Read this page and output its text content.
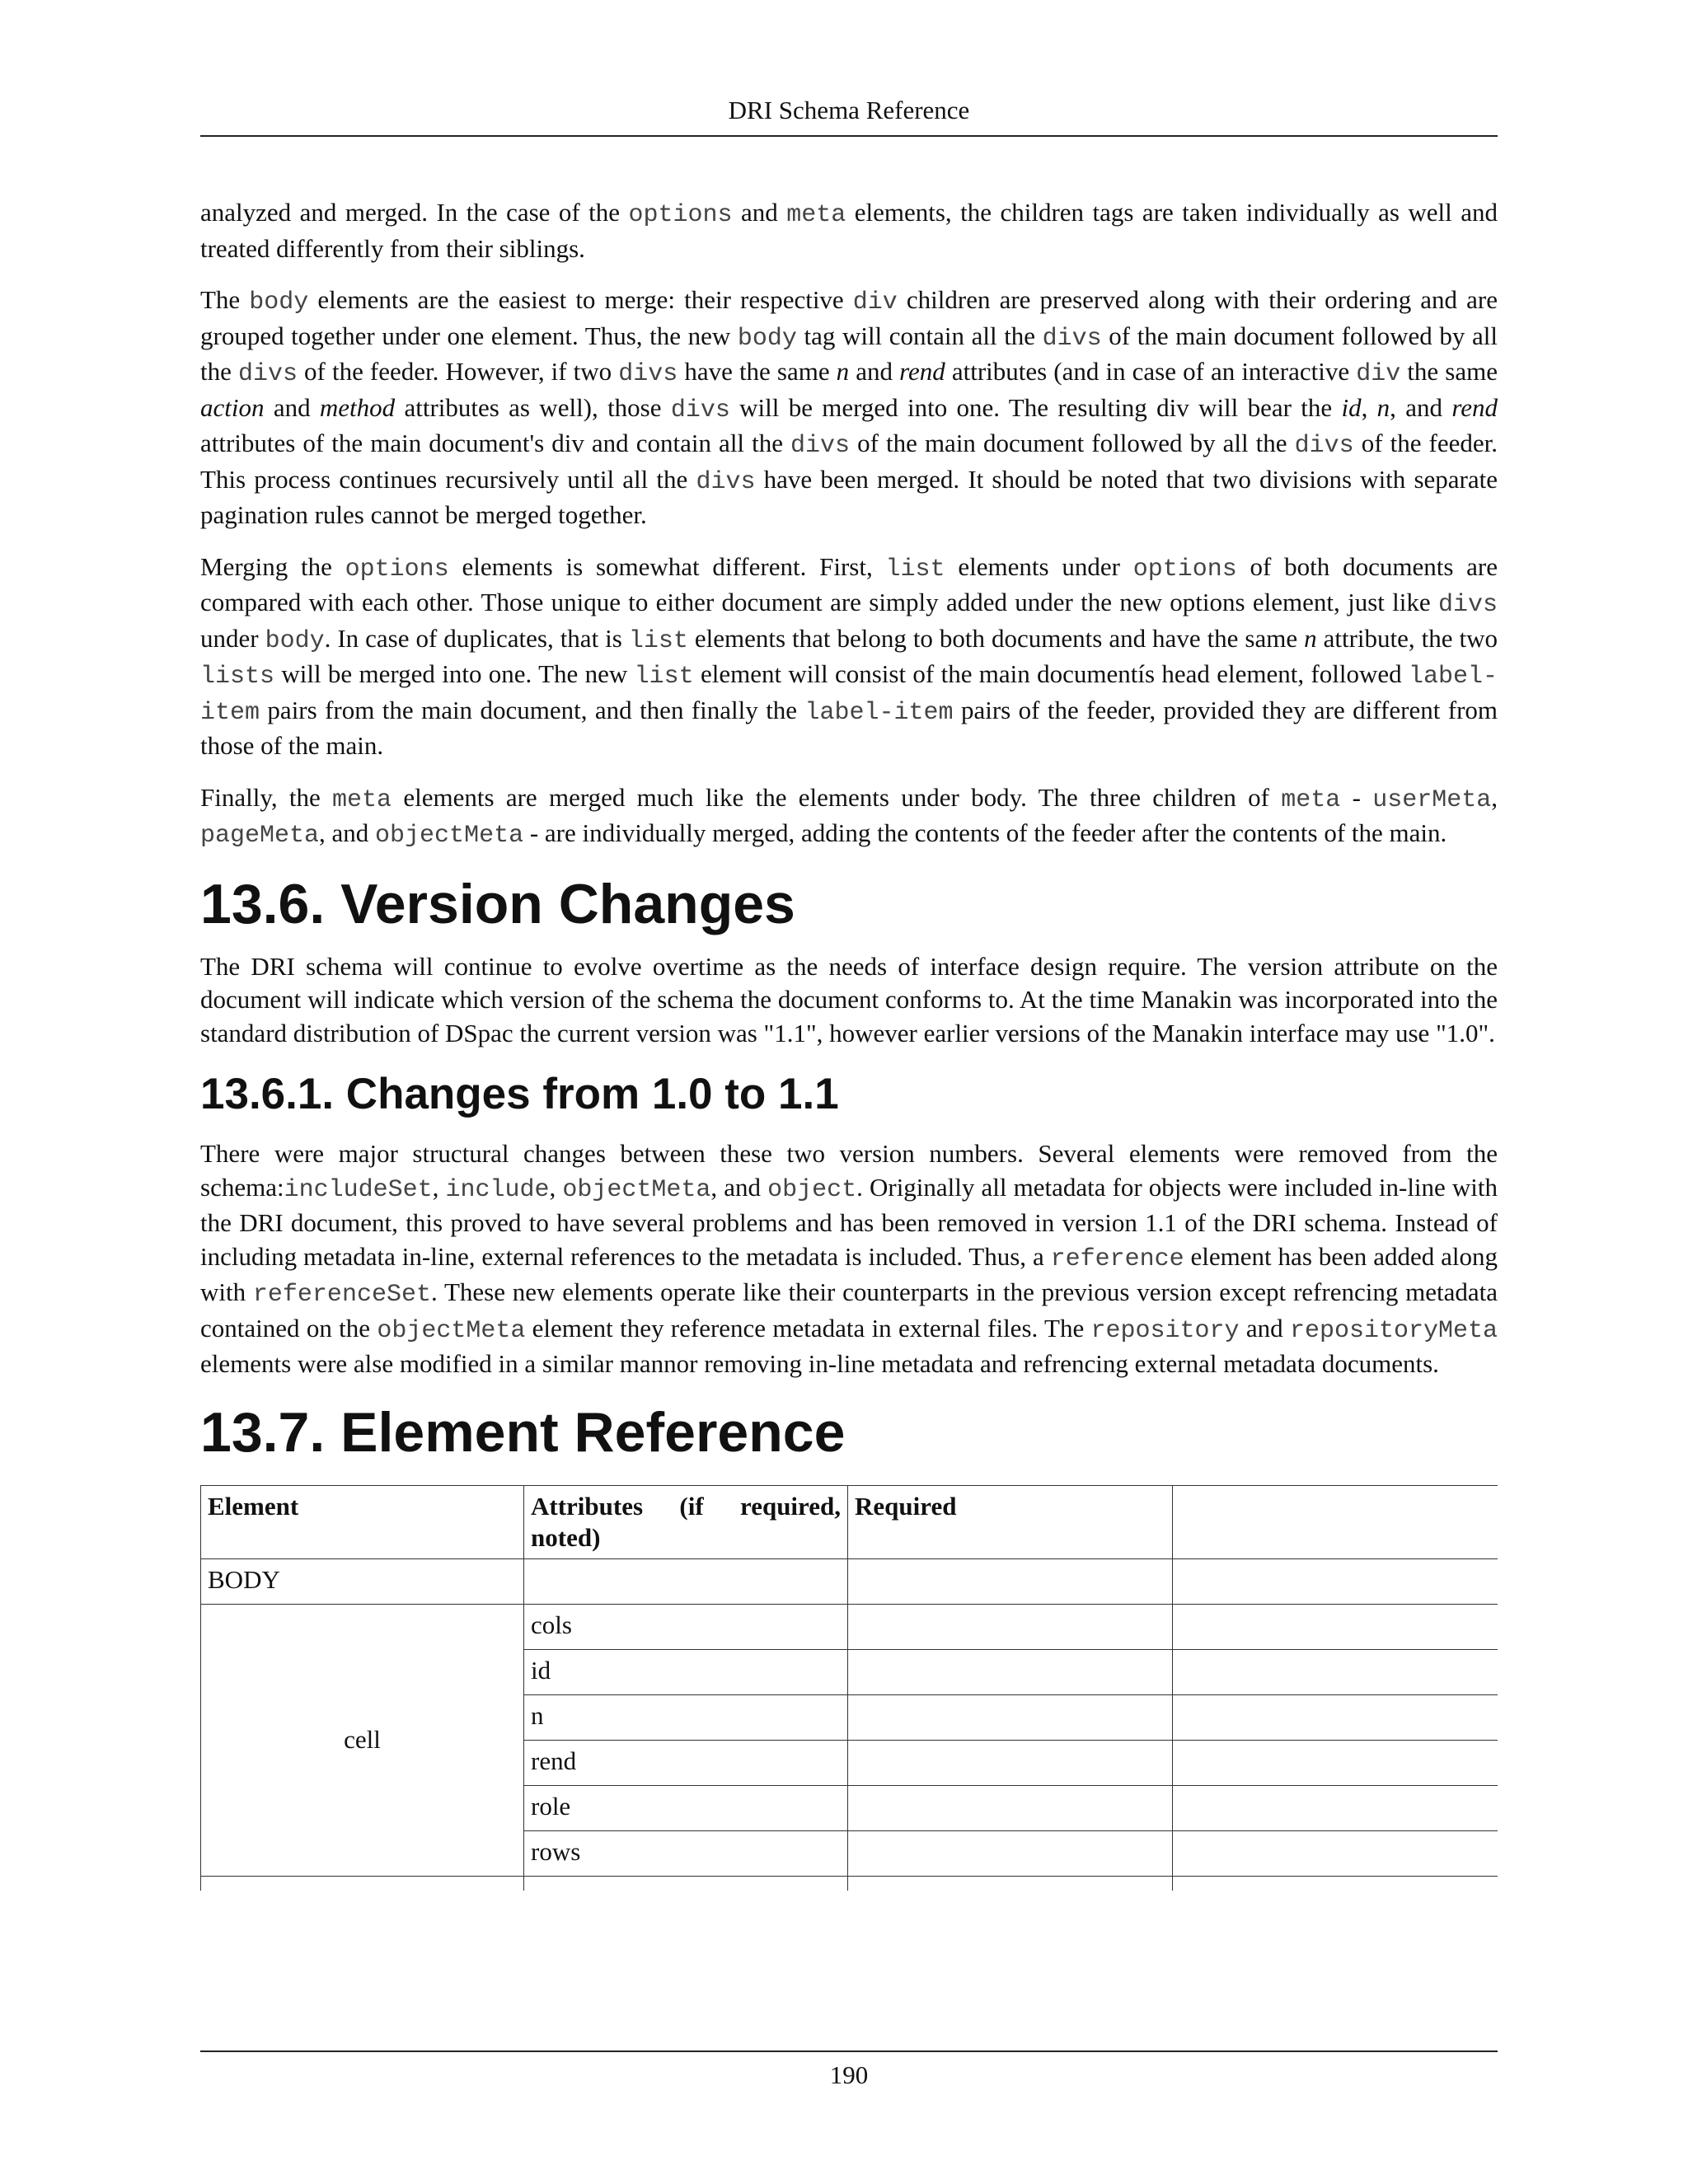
DRI Schema Reference

analyzed and merged. In the case of the options and meta elements, the children tags are taken individually as well and treated differently from their siblings.

The body elements are the easiest to merge: their respective div children are preserved along with their ordering and are grouped together under one element. Thus, the new body tag will contain all the divs of the main document followed by all the divs of the feeder. However, if two divs have the same n and rend attributes (and in case of an interactive div the same action and method attributes as well), those divs will be merged into one. The resulting div will bear the id, n, and rend attributes of the main document's div and contain all the divs of the main document followed by all the divs of the feeder. This process continues recursively until all the divs have been merged. It should be noted that two divisions with separate pagination rules cannot be merged together.

Merging the options elements is somewhat different. First, list elements under options of both documents are compared with each other. Those unique to either document are simply added under the new options element, just like divs under body. In case of duplicates, that is list elements that belong to both documents and have the same n attribute, the two lists will be merged into one. The new list element will consist of the main documentís head element, followed label-item pairs from the main document, and then finally the label-item pairs of the feeder, provided they are different from those of the main.

Finally, the meta elements are merged much like the elements under body. The three children of meta - userMeta, pageMeta, and objectMeta - are individually merged, adding the contents of the feeder after the contents of the main.

13.6. Version Changes

The DRI schema will continue to evolve overtime as the needs of interface design require. The version attribute on the document will indicate which version of the schema the document conforms to. At the time Manakin was incorporated into the standard distribution of DSpac the current version was "1.1", however earlier versions of the Manakin interface may use "1.0".

13.6.1. Changes from 1.0 to 1.1

There were major structural changes between these two version numbers. Several elements were removed from the schema:includeSet, include, objectMeta, and object. Originally all metadata for objects were included in-line with the DRI document, this proved to have several problems and has been removed in version 1.1 of the DRI schema. Instead of including metadata in-line, external references to the metadata is included. Thus, a reference element has been added along with referenceSet. These new elements operate like their counterparts in the previous version except refrencing metadata contained on the objectMeta element they reference metadata in external files. The repository and repositoryMeta elements were alse modified in a similar mannor removing in-line metadata and refrencing external metadata documents.

13.7. Element Reference
Element	Attributes (if required, noted)	Required	
BODY			
cell	cols		
	id		
	n		
	rend		
	role		
	rows		

190
